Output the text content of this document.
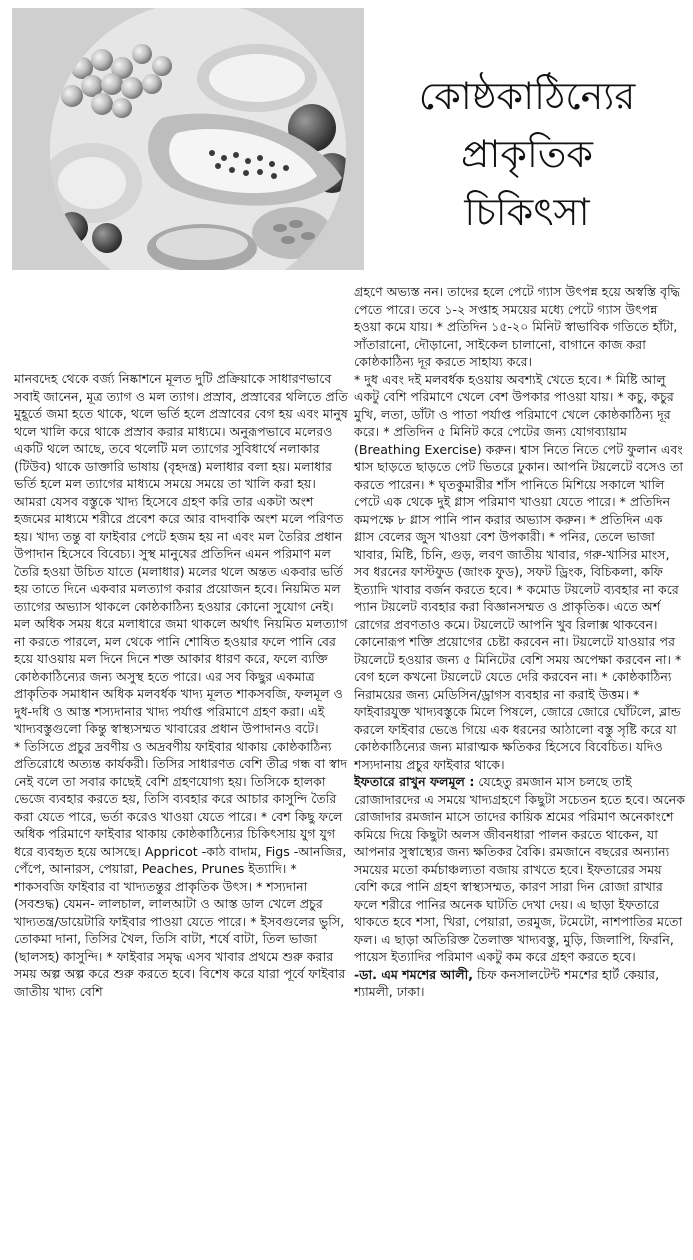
কোষ্ঠকাঠিন্যের
প্রাকৃতিক
চিকিৎসা

মানবদেহ থেকে বর্জ্য নিষ্কাশনে মূলত দুটি প্রক্রিয়াকে সাধারণভাবে সবাই জানেন, মূত্র ত্যাগ ও মল ত্যাগ। প্রস্রাব, প্রস্রাবের থলিতে প্রতি মুহূর্তে জমা হতে থাকে, থলে ভর্তি হলে প্রস্রাবের বেগ হয় এবং মানুষ থলে খালি করে থাকে প্রস্রাব করার মাধ্যমে। অনুরূপভাবে মলেরও একটি থলে আছে, তবে থলেটি মল ত্যাগের সুবিধার্থে নলাকার (টিউব) থাকে ডাক্তারি ভাষায় (বৃহদন্ত্র) মলাধার বলা হয়। মলাধার ভর্তি হলে মল ত্যাগের মাধ্যমে সময়ে সময়ে তা খালি করা হয়। আমরা যেসব বস্তুকে খাদ্য হিসেবে গ্রহণ করি তার একটা অংশ হজমের মাধ্যমে শরীরে প্রবেশ করে আর বাদবাকি অংশ মলে পরিণত হয়। খাদ্য তন্তু বা ফাইবার পেটে হজম হয় না এবং মল তৈরির প্রধান উপাদান হিসেবে বিবেচ্য। সুস্থ মানুষের প্রতিদিন এমন পরিমাণ মল তৈরি হওয়া উচিত যাতে (মলাধার) মলের থলে অন্তত একবার ভর্তি হয় তাতে দিনে একবার মলত্যাগ করার প্রয়োজন হবে। নিয়মিত মল ত্যাগের অভ্যাস থাকলে কোষ্ঠকাঠিন্য হওয়ার কোনো সুযোগ নেই। মল অধিক সময় ধরে মলাধারে জমা থাকলে অর্থাৎ নিয়মিত মলত্যাগ না করতে পারলে, মল থেকে পানি শোষিত হওয়ার ফলে পানি বের হয়ে যাওয়ায় মল দিনে দিনে শক্ত আকার ধারণ করে, ফলে ব্যক্তি কোষ্ঠকাঠিন্যের জন্য অসুস্থ হতে পারে। এর সব কিছুর একমাত্র প্রাকৃতিক সমাধান অধিক মলবর্ধক খাদ্য মূলত শাকসবজি, ফলমূল ও দুধ-দধি ও আস্ত শস্যদানার খাদ্য পর্যাপ্ত পরিমাণে গ্রহণ করা। এই খাদ্যবস্তুগুলো কিন্তু স্বাস্থ্যসম্মত খাবারের প্রধান উপাদানও বটে।

* তিসিতে প্রচুর দ্রবণীয় ও অদ্রবণীয় ফাইবার থাকায় কোষ্ঠকাঠিন্য প্রতিরোধে অত্যন্ত কার্যকরী। তিসির সাধারণত বেশি তীব্র গন্ধ বা স্বাদ নেই বলে তা সবার কাছেই বেশি গ্রহণযোগ্য হয়। তিসিকে হালকা ভেজে ব্যবহার করতে হয়, তিসি ব্যবহার করে আচার কাসুন্দি তৈরি করা যেতে পারে, ভর্তা করেও খাওয়া যেতে পারে। * বেশ কিছু ফলে অধিক পরিমাণে ফাইবার থাকায় কোষ্ঠকাঠিন্যের চিকিৎসায় যুগ যুগ ধরে ব্যবহৃত হয়ে আসছে। Appricot -কাঠ বাদাম, Figs -আনজির, পেঁপে, আনারস, পেয়ারা, Peaches, Prunes ইত্যাদি। * শাকসবজি ফাইবার বা খাদ্যতন্তুর প্রাকৃতিক উৎস। * শস্যদানা (সবশুদ্ধ) যেমন- লালচাল, লালআটা ও আস্ত ডাল খেলে প্রচুর খাদ্যতন্ত্র/ডায়েটারি ফাইবার পাওয়া যেতে পারে। * ইসবগুলের ভুসি, তোকমা দানা, তিসির খৈল, তিসি বাটা, শর্ষে বাটা, তিল ভাজা (ছালসহ) কাসুন্দি। * ফাইবার সমৃদ্ধ এসব খাবার প্রথমে শুরু করার সময় অল্প অল্প করে শুরু করতে হবে। বিশেষ করে যারা পূর্বে ফাইবার জাতীয় খাদ্য বেশি

গ্রহণে অভ্যস্ত নন। তাদের হলে পেটে গ্যাস উৎপন্ন হয়ে অস্বস্তি বৃদ্ধি পেতে পারে। তবে ১-২ সপ্তাহ সময়ের মধ্যে পেটে গ্যাস উৎপন্ন হওয়া কমে যায়। * প্রতিদিন ১৫-২০ মিনিট স্বাভাবিক গতিতে হাঁটা, সাঁতারানো, দৌড়ানো, সাইকেল চালানো, বাগানে কাজ করা কোষ্ঠকাঠিন্য দূর করতে সাহায্য করে।

* দুধ এবং দই মলবর্ধক হওয়ায় অবশ্যই খেতে হবে। * মিষ্টি আলু একটু বেশি পরিমাণে খেলে বেশ উপকার পাওয়া যায়। * কচু, কচুর মুখি, লতা, ডাঁটা ও পাতা পর্যাপ্ত পরিমাণে খেলে কোষ্ঠকাঠিন্য দূর করে। * প্রতিদিন ৫ মিনিট করে পেটের জন্য যোগব্যায়াম (Breathing Exercise) করুন। শ্বাস নিতে নিতে পেট ফুলান এবং শ্বাস ছাড়তে ছাড়তে পেট ভিতরে ঢুকান। আপনি টয়লেটে বসেও তা করতে পারেন। * ঘৃতকুমারীর শাঁস পানিতে মিশিয়ে সকালে খালি পেটে এক থেকে দুই গ্লাস পরিমাণ খাওয়া যেতে পারে। * প্রতিদিন কমপক্ষে ৮ গ্লাস পানি পান করার অভ্যাস করুন। * প্রতিদিন এক গ্লাস বেলের জুস খাওয়া বেশ উপকারী। * পনির, তেলে ভাজা খাবার, মিষ্টি, চিনি, গুড়, লবণ জাতীয় খাবার, গরু-খাসির মাংস, সব ধরনের ফাস্টফুড (জাংক ফুড), সফট ড্রিংক, বিচিকলা, কফি ইত্যাদি খাবার বর্জন করতে হবে। * কমোড টয়লেট ব্যবহার না করে প্যান টয়লেট ব্যবহার করা বিজ্ঞানসম্মত ও প্রাকৃতিক। এতে অর্শ রোগের প্রবণতাও কমে। টয়লেটে আপনি খুব রিলাক্স থাকবেন। কোনোরূপ শক্তি প্রয়োগের চেষ্টা করবেন না। টয়লেটে যাওয়ার পর টয়লেটে হওয়ার জন্য ৫ মিনিটের বেশি সময় অপেক্ষা করবেন না। * বেগ হলে কখনো টয়লেটে যেতে দেরি করবেন না। * কোষ্ঠকাঠিন্য নিরাময়ের জন্য মেডিসিন/ড্রাগস ব্যবহার না করাই উত্তম। * ফাইবারযুক্ত খাদ্যবস্তুকে মিলে পিষলে, জোরে জোরে ঘোঁটলে, ব্লান্ড করলে ফাইবার ভেঙে গিয়ে এক ধরনের আঠালো বস্তু সৃষ্টি করে যা কোষ্ঠকাঠিন্যের জন্য মারাত্মক ক্ষতিকর হিসেবে বিবেচিত। যদিও শস্যদানায় প্রচুর ফাইবার থাকে।

ইফতারে রাখুন ফলমূল : যেহেতু রমজান মাস চলছে তাই রোজাদারদের এ সময়ে খাদ্যগ্রহণে কিছুটা সচেতন হতে হবে। অনেক রোজাদার রমজান মাসে তাদের কায়িক শ্রমের পরিমাণ অনেকাংশে কমিয়ে দিয়ে কিছুটা অলস জীবনধারা পালন করতে থাকেন, যা আপনার সুস্বাস্থ্যের জন্য ক্ষতিকর বৈকি। রমজানে বছরের অন্যান্য সময়ের মতো কর্মচাঞ্চল্যতা বজায় রাখতে হবে। ইফতারের সময় বেশি করে পানি গ্রহণ স্বাস্থ্যসম্মত, কারণ সারা দিন রোজা রাখার ফলে শরীরে পানির অনেক ঘাটতি দেখা দেয়। এ ছাড়া ইফতারে থাকতে হবে শসা, খিরা, পেয়ারা, তরমুজ, টমেটো, নাশপাতির মতো ফল। এ ছাড়া অতিরিক্ত তৈলাক্ত খাদ্যবস্তু, মুড়ি, জিলাপি, ফিরনি, পায়েস ইত্যাদির পরিমাণ একটু কম করে গ্রহণ করতে হবে।

-ডা. এম শমশের আলী, চিফ কনসালটেন্ট শমশের হার্ট কেয়ার, শ্যামলী, ঢাকা।
